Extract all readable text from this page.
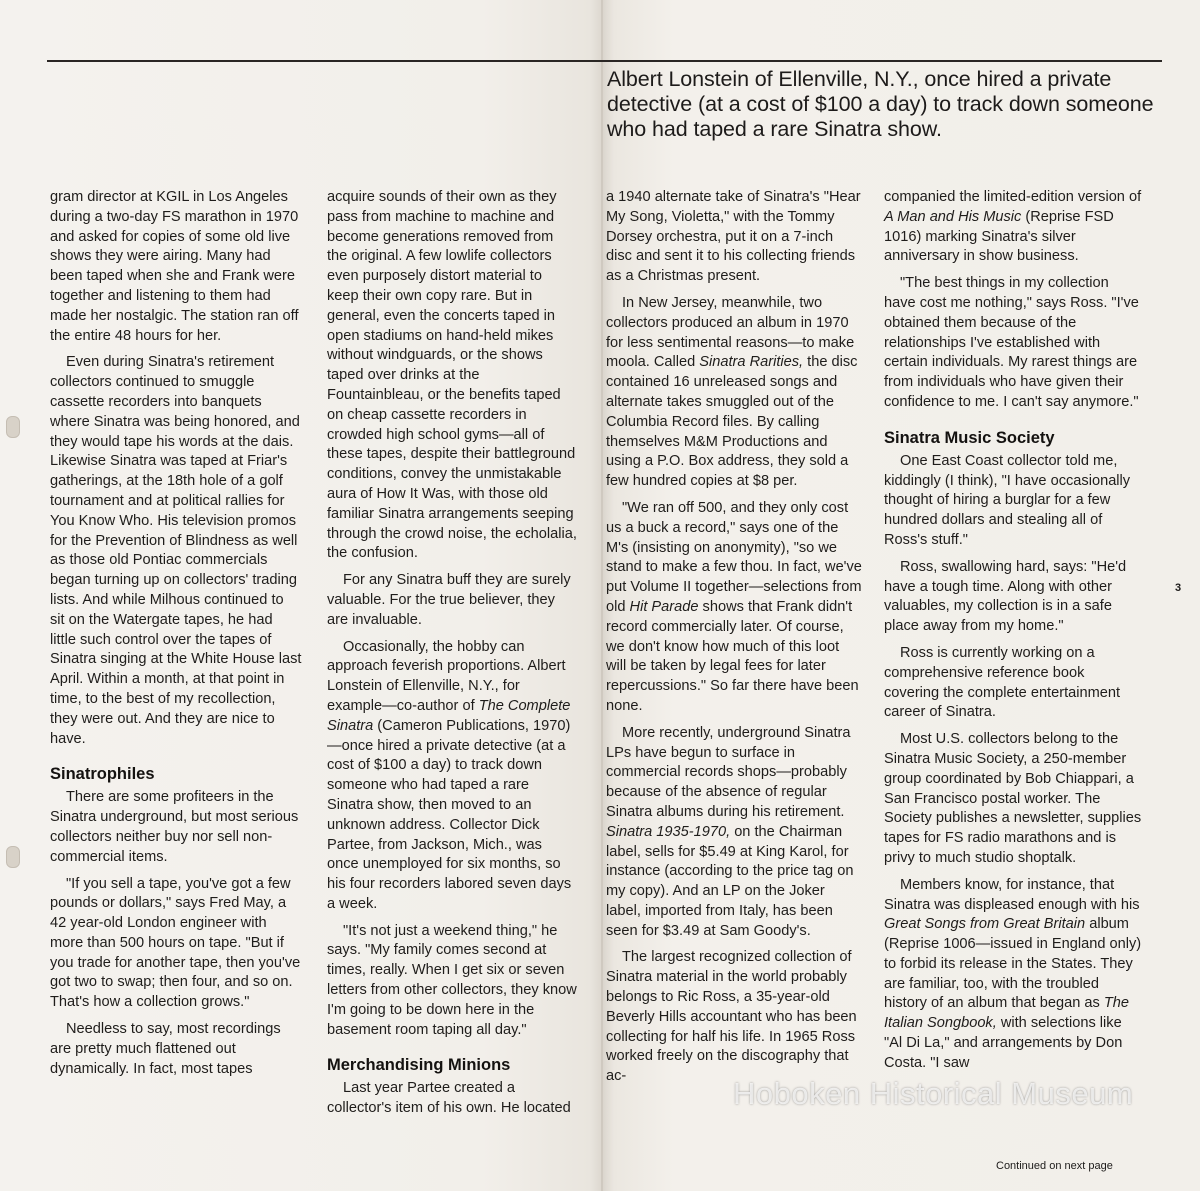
Albert Lonstein of Ellenville, N.Y., once hired a private detective (at a cost of $100 a day) to track down someone who had taped a rare Sinatra show.

gram director at KGIL in Los Angeles during a two-day FS marathon in 1970 and asked for copies of some old live shows they were airing. Many had been taped when she and Frank were together and listening to them had made her nostalgic. The station ran off the entire 48 hours for her.

Even during Sinatra's retirement collectors continued to smuggle cassette recorders into banquets where Sinatra was being honored, and they would tape his words at the dais. Likewise Sinatra was taped at Friar's gatherings, at the 18th hole of a golf tournament and at political rallies for You Know Who. His television promos for the Prevention of Blindness as well as those old Pontiac commercials began turning up on collectors' trading lists. And while Milhous continued to sit on the Watergate tapes, he had little such control over the tapes of Sinatra singing at the White House last April. Within a month, at that point in time, to the best of my recollection, they were out. And they are nice to have.

Sinatrophiles

There are some profiteers in the Sinatra underground, but most serious collectors neither buy nor sell non-commercial items.

"If you sell a tape, you've got a few pounds or dollars," says Fred May, a 42 year-old London engineer with more than 500 hours on tape. "But if you trade for another tape, then you've got two to swap; then four, and so on. That's how a collection grows."

Needless to say, most recordings are pretty much flattened out dynamically. In fact, most tapes

acquire sounds of their own as they pass from machine to machine and become generations removed from the original. A few lowlife collectors even purposely distort material to keep their own copy rare. But in general, even the concerts taped in open stadiums on hand-held mikes without windguards, or the shows taped over drinks at the Fountainbleau, or the benefits taped on cheap cassette recorders in crowded high school gyms—all of these tapes, despite their battleground conditions, convey the unmistakable aura of How It Was, with those old familiar Sinatra arrangements seeping through the crowd noise, the echolalia, the confusion.

For any Sinatra buff they are surely valuable. For the true believer, they are invaluable.

Occasionally, the hobby can approach feverish proportions. Albert Lonstein of Ellenville, N.Y., for example—co-author of The Complete Sinatra (Cameron Publications, 1970)—once hired a private detective (at a cost of $100 a day) to track down someone who had taped a rare Sinatra show, then moved to an unknown address. Collector Dick Partee, from Jackson, Mich., was once unemployed for six months, so his four recorders labored seven days a week.

"It's not just a weekend thing," he says. "My family comes second at times, really. When I get six or seven letters from other collectors, they know I'm going to be down here in the basement room taping all day."

Merchandising Minions

Last year Partee created a collector's item of his own. He located

a 1940 alternate take of Sinatra's "Hear My Song, Violetta," with the Tommy Dorsey orchestra, put it on a 7-inch disc and sent it to his collecting friends as a Christmas present.

In New Jersey, meanwhile, two collectors produced an album in 1970 for less sentimental reasons—to make moola. Called Sinatra Rarities, the disc contained 16 unreleased songs and alternate takes smuggled out of the Columbia Record files. By calling themselves M&M Productions and using a P.O. Box address, they sold a few hundred copies at $8 per.

"We ran off 500, and they only cost us a buck a record," says one of the M's (insisting on anonymity), "so we stand to make a few thou. In fact, we've put Volume II together—selections from old Hit Parade shows that Frank didn't record commercially later. Of course, we don't know how much of this loot will be taken by legal fees for later repercussions." So far there have been none.

More recently, underground Sinatra LPs have begun to surface in commercial records shops—probably because of the absence of regular Sinatra albums during his retirement. Sinatra 1935-1970, on the Chairman label, sells for $5.49 at King Karol, for instance (according to the price tag on my copy). And an LP on the Joker label, imported from Italy, has been seen for $3.49 at Sam Goody's.

The largest recognized collection of Sinatra material in the world probably belongs to Ric Ross, a 35-year-old Beverly Hills accountant who has been collecting for half his life. In 1965 Ross worked freely on the discography that ac-

companied the limited-edition version of A Man and His Music (Reprise FSD 1016) marking Sinatra's silver anniversary in show business.

"The best things in my collection have cost me nothing," says Ross. "I've obtained them because of the relationships I've established with certain individuals. My rarest things are from individuals who have given their confidence to me. I can't say anymore."

Sinatra Music Society

One East Coast collector told me, kiddingly (I think), "I have occasionally thought of hiring a burglar for a few hundred dollars and stealing all of Ross's stuff."

Ross, swallowing hard, says: "He'd have a tough time. Along with other valuables, my collection is in a safe place away from my home."

Ross is currently working on a comprehensive reference book covering the complete entertainment career of Sinatra.

Most U.S. collectors belong to the Sinatra Music Society, a 250-member group coordinated by Bob Chiappari, a San Francisco postal worker. The Society publishes a newsletter, supplies tapes for FS radio marathons and is privy to much studio shoptalk.

Members know, for instance, that Sinatra was displeased enough with his Great Songs from Great Britain album (Reprise 1006—issued in England only) to forbid its release in the States. They are familiar, too, with the troubled history of an album that began as The Italian Songbook, with selections like "Al Di La," and arrangements by Don Costa. "I saw

3
Continued on next page
Hoboken Historical Museum
